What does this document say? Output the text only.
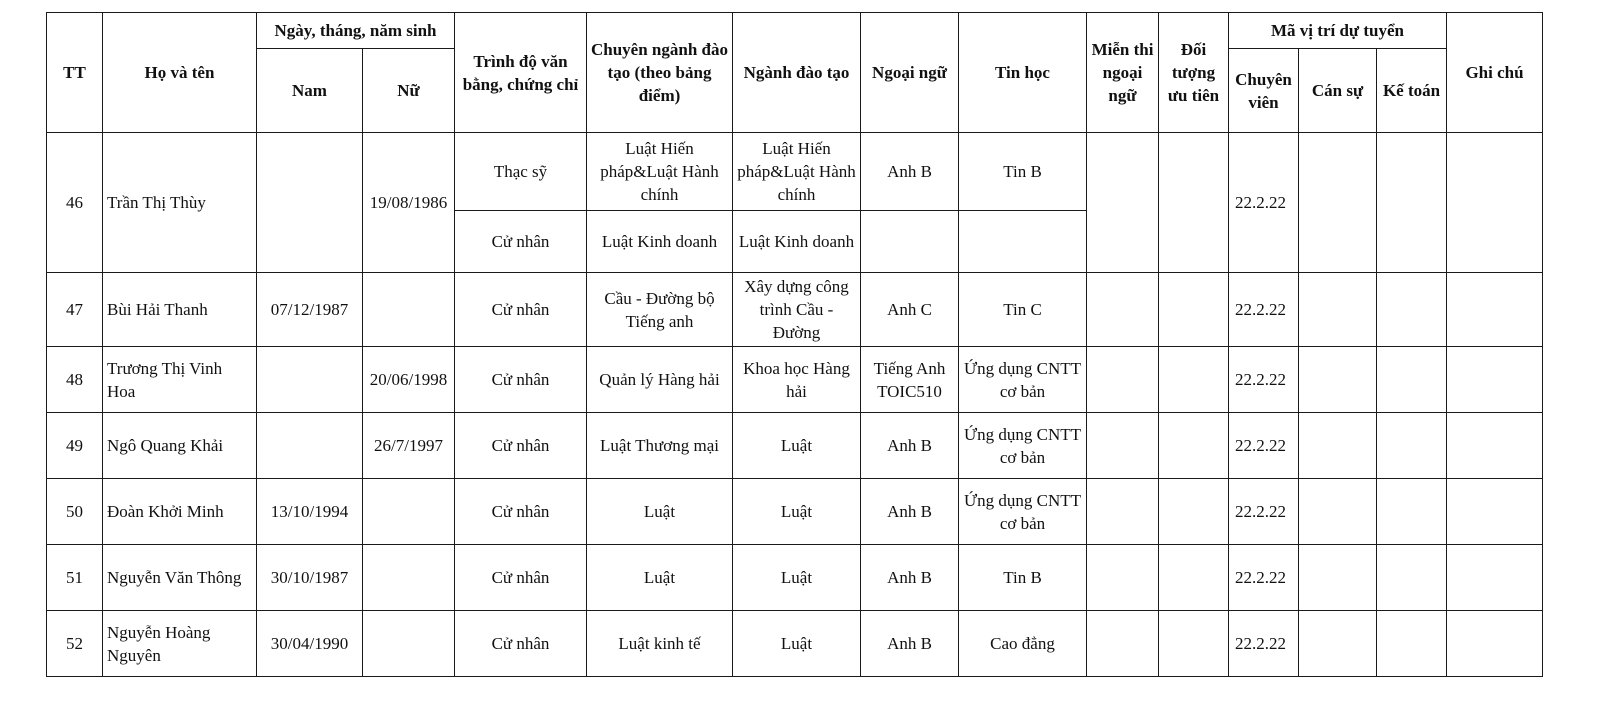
TT	Họ và tên	Ngày, tháng, năm sinh		Trình độ văn bằng, chứng chỉ	Chuyên ngành đào tạo (theo bảng điểm)	Ngành đào tạo	Ngoại ngữ	Tin học	Miễn thi ngoại ngữ	Đối tượng ưu tiên	Mã vị trí dự tuyển			Ghi chú
		Nam	Nữ								Chuyên viên	Cán sự	Kế toán	
46	Trần Thị Thùy		19/08/1986	Thạc sỹ	Luật Hiến pháp&Luật Hành chính	Luật Hiến pháp&Luật Hành chính	Anh B	Tin B			22.2.22			
				Cử nhân	Luật Kinh doanh	Luật Kinh doanh								
47	Bùi Hải Thanh	07/12/1987		Cử nhân	Cầu - Đường bộ Tiếng anh	Xây dựng công trình Cầu - Đường	Anh C	Tin C			22.2.22			
48	Trương Thị Vinh Hoa		20/06/1998	Cử nhân	Quản lý Hàng hải	Khoa học Hàng hải	Tiếng Anh TOIC510	Ứng dụng CNTT cơ bản			22.2.22			
49	Ngô Quang Khải		26/7/1997	Cử nhân	Luật Thương mại	Luật	Anh B	Ứng dụng CNTT cơ bản			22.2.22			
50	Đoàn Khởi Minh	13/10/1994		Cử nhân	Luật	Luật	Anh B	Ứng dụng CNTT cơ bản			22.2.22			
51	Nguyễn Văn Thông	30/10/1987		Cử nhân	Luật	Luật	Anh B	Tin B			22.2.22			
52	Nguyễn Hoàng Nguyên	30/04/1990		Cử nhân	Luật kinh tế	Luật	Anh B	Cao đẳng			22.2.22			
